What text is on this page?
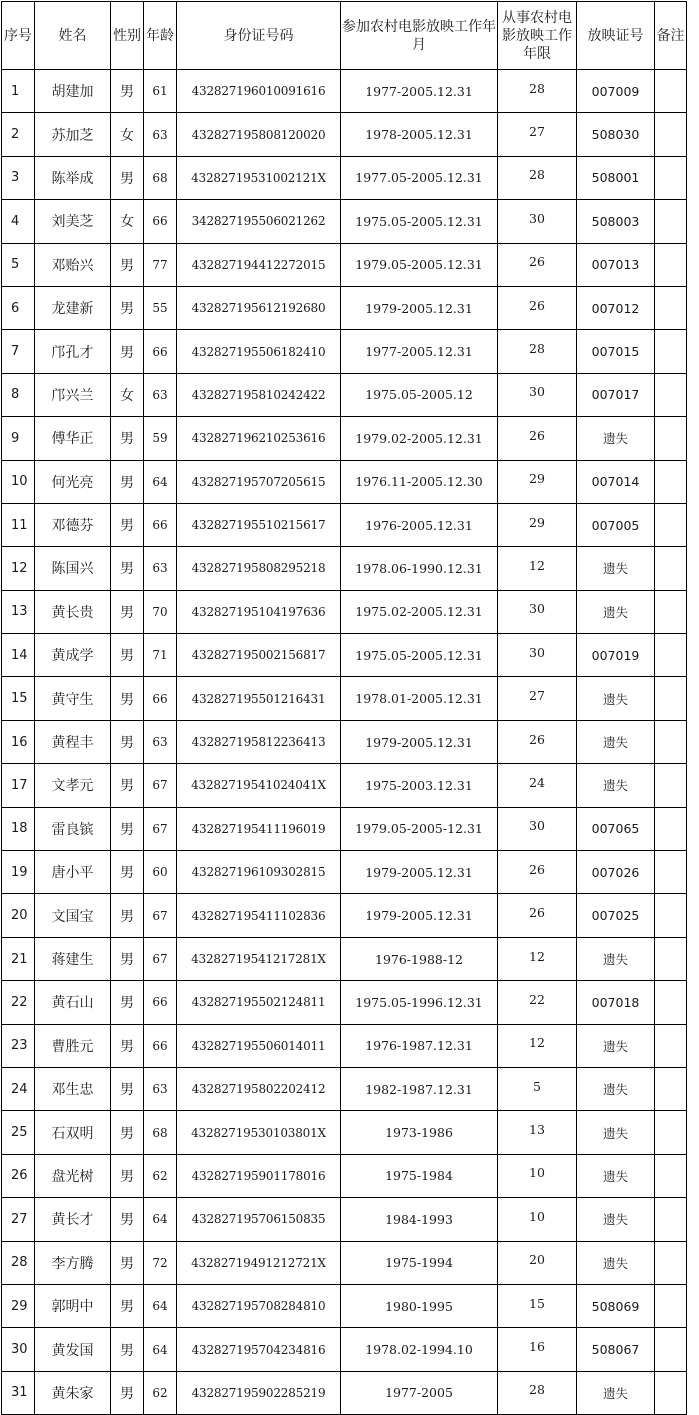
序号	姓名	性别	年龄	身份证号码	参加农村电影放映工作年月	从事农村电影放映工作年限	放映证号	备注
1	胡建加	男	61	432827196010091616	1977-2005.12.31	28	007009	
2	苏加芝	女	63	432827195808120020	1978-2005.12.31	27	508030	
3	陈举成	男	68	43282719531002121X	1977.05-2005.12.31	28	508001	
4	刘美芝	女	66	342827195506021262	1975.05-2005.12.31	30	508003	
5	邓贻兴	男	77	432827194412272015	1979.05-2005.12.31	26	007013	
6	龙建新	男	55	432827195612192680	1979-2005.12.31	26	007012	
7	邝孔才	男	66	432827195506182410	1977-2005.12.31	28	007015	
8	邝兴兰	女	63	432827195810242422	1975.05-2005.12	30	007017	
9	傅华正	男	59	432827196210253616	1979.02-2005.12.31	26	遗失	
10	何光亮	男	64	432827195707205615	1976.11-2005.12.30	29	007014	
11	邓德芬	男	66	432827195510215617	1976-2005.12.31	29	007005	
12	陈国兴	男	63	432827195808295218	1978.06-1990.12.31	12	遗失	
13	黄长贵	男	70	432827195104197636	1975.02-2005.12.31	30	遗失	
14	黄成学	男	71	432827195002156817	1975.05-2005.12.31	30	007019	
15	黄守生	男	66	432827195501216431	1978.01-2005.12.31	27	遗失	
16	黄程丰	男	63	432827195812236413	1979-2005.12.31	26	遗失	
17	文孝元	男	67	43282719541024041X	1975-2003.12.31	24	遗失	
18	雷良镔	男	67	432827195411196019	1979.05-2005-12.31	30	007065	
19	唐小平	男	60	432827196109302815	1979-2005.12.31	26	007026	
20	文国宝	男	67	432827195411102836	1979-2005.12.31	26	007025	
21	蒋建生	男	67	43282719541217281X	1976-1988-12	12	遗失	
22	黄石山	男	66	432827195502124811	1975.05-1996.12.31	22	007018	
23	曹胜元	男	66	432827195506014011	1976-1987.12.31	12	遗失	
24	邓生忠	男	63	432827195802202412	1982-1987.12.31	5	遗失	
25	石双明	男	68	43282719530103801X	1973-1986	13	遗失	
26	盘光树	男	62	432827195901178016	1975-1984	10	遗失	
27	黄长才	男	64	432827195706150835	1984-1993	10	遗失	
28	李方腾	男	72	43282719491212721X	1975-1994	20	遗失	
29	郭明中	男	64	432827195708284810	1980-1995	15	508069	
30	黄发国	男	64	432827195704234816	1978.02-1994.10	16	508067	
31	黄朱家	男	62	432827195902285219	1977-2005	28	遗失	
